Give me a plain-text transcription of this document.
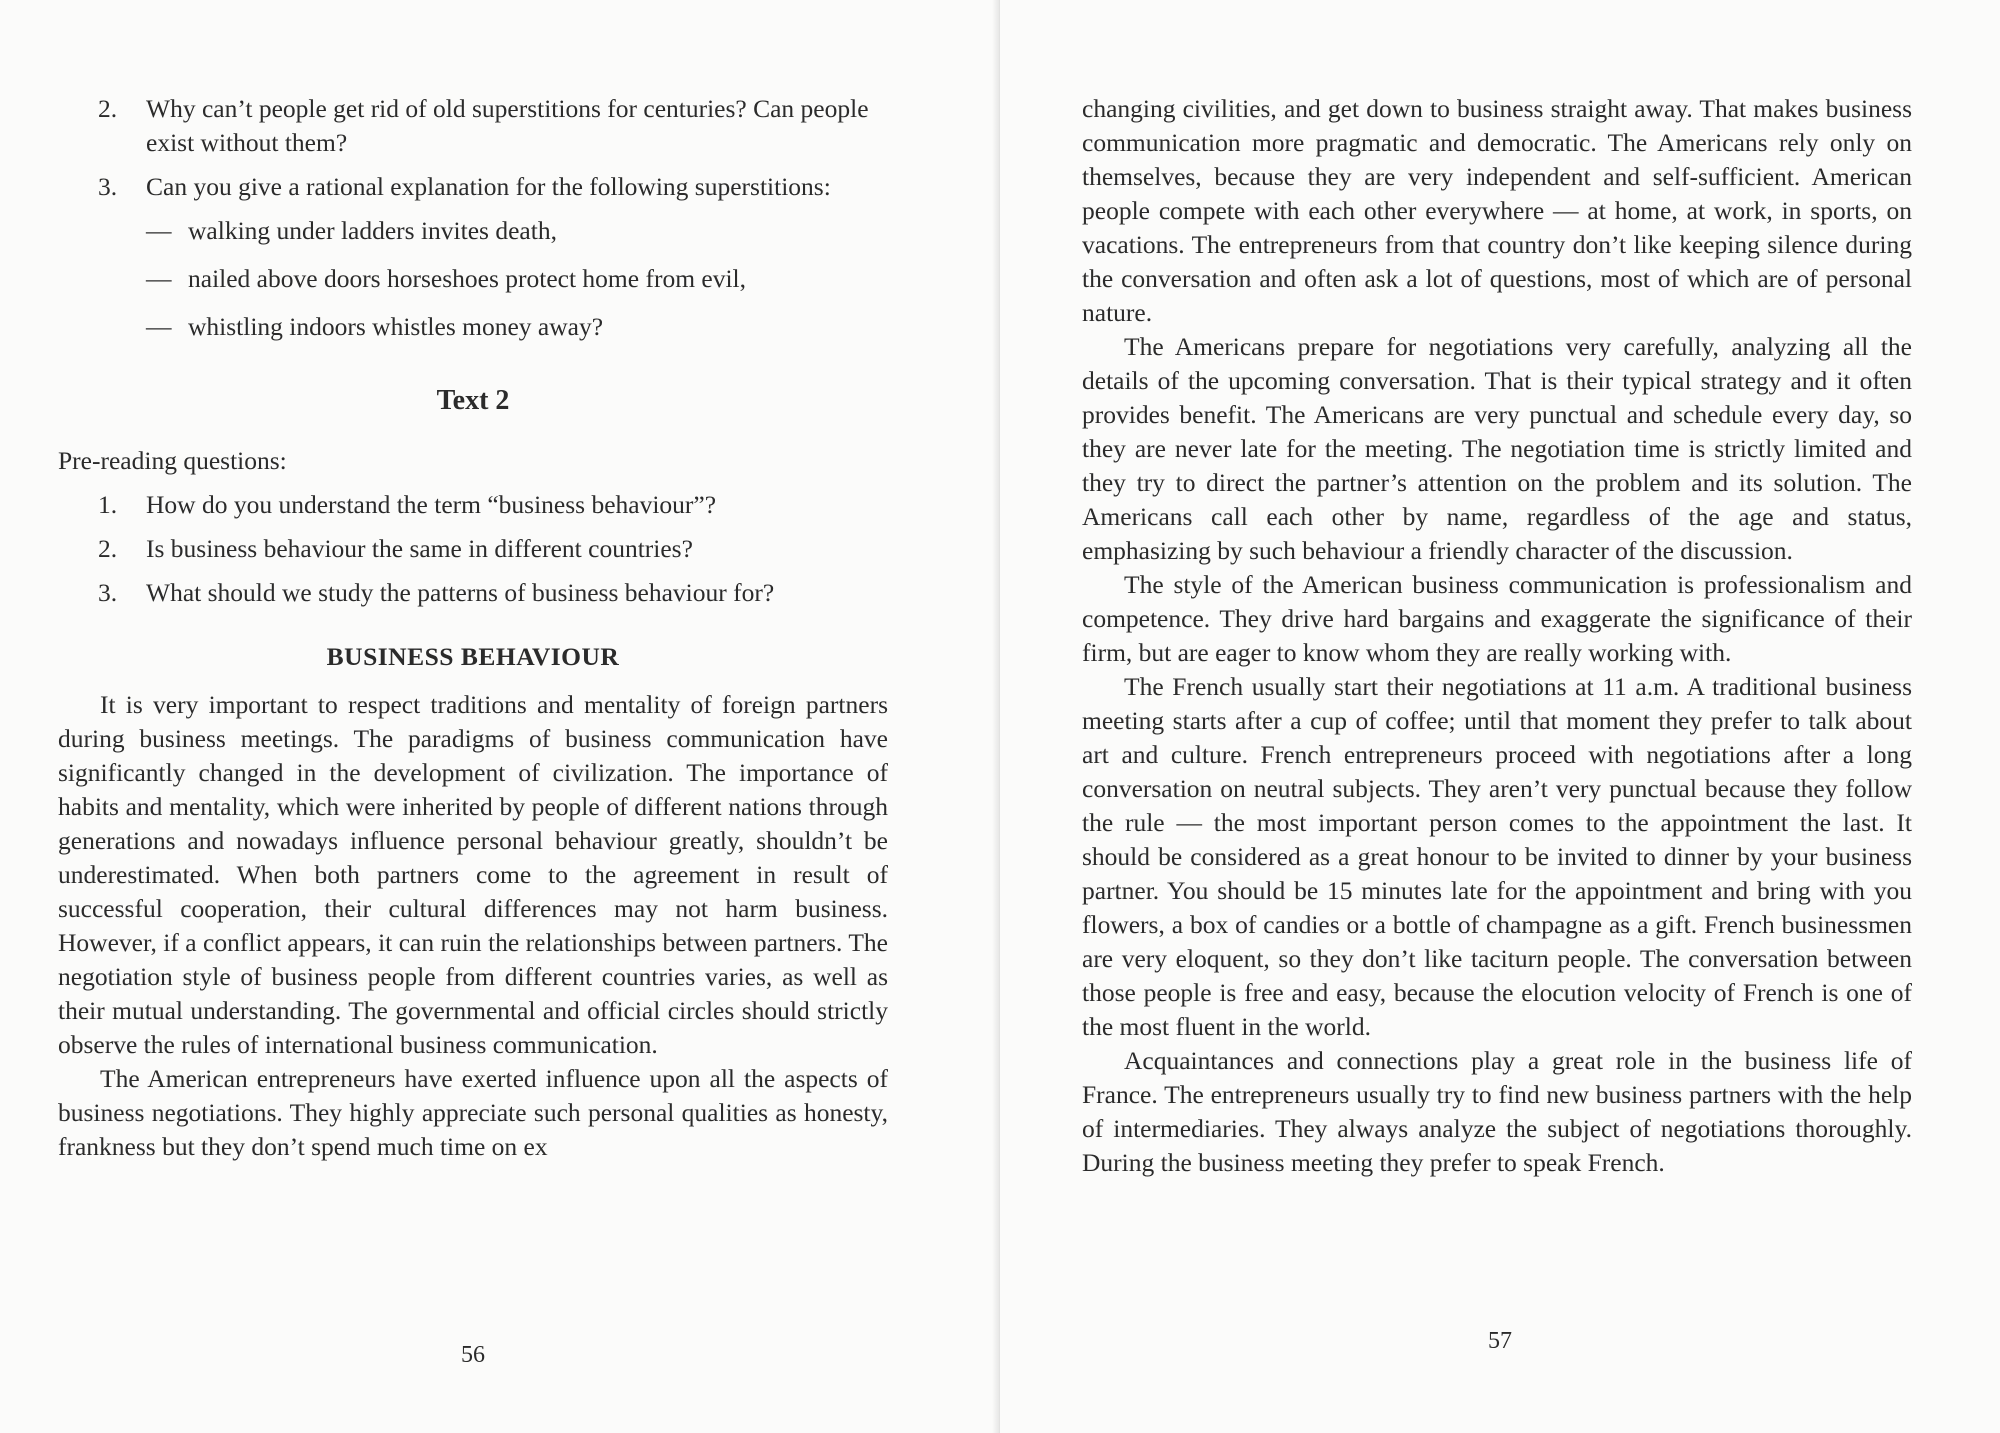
2. Why can’t people get rid of old superstitions for centuries? Can people exist without them?
3. Can you give a rational explanation for the following superstitions:
— walking under ladders invites death,
— nailed above doors horseshoes protect home from evil,
— whistling indoors whistles money away?
Text 2
Pre-reading questions:
1. How do you understand the term “business behaviour”?
2. Is business behaviour the same in different countries?
3. What should we study the patterns of business behaviour for?
BUSINESS BEHAVIOUR

It is very important to respect traditions and mentality of foreign partners during business meetings. The paradigms of business communication have significantly changed in the development of civilization. The importance of habits and mentality, which were inherited by people of different nations through generations and nowadays influence personal behaviour greatly, shouldn’t be underestimated. When both partners come to the agreement in result of successful cooperation, their cultural differences may not harm business. However, if a conflict appears, it can ruin the relationships between partners. The negotiation style of business people from different countries varies, as well as their mutual understanding. The governmental and official circles should strictly observe the rules of international business communication.

The American entrepreneurs have exerted influence upon all the aspects of business negotiations. They highly appreciate such personal qualities as honesty, frankness but they don’t spend much time on ex

56

changing civilities, and get down to business straight away. That makes business communication more pragmatic and democratic. The Americans rely only on themselves, because they are very independent and self-sufficient. American people compete with each other everywhere — at home, at work, in sports, on vacations. The entrepreneurs from that country don’t like keeping silence during the conversation and often ask a lot of questions, most of which are of personal nature.

The Americans prepare for negotiations very carefully, analyzing all the details of the upcoming conversation. That is their typical strategy and it often provides benefit. The Americans are very punctual and schedule every day, so they are never late for the meeting. The negotiation time is strictly limited and they try to direct the partner’s attention on the problem and its solution. The Americans call each other by name, regardless of the age and status, emphasizing by such behaviour a friendly character of the discussion.

The style of the American business communication is professionalism and competence. They drive hard bargains and exaggerate the significance of their firm, but are eager to know whom they are really working with.

The French usually start their negotiations at 11 a.m. A traditional business meeting starts after a cup of coffee; until that moment they prefer to talk about art and culture. French entrepreneurs proceed with negotiations after a long conversation on neutral subjects. They aren’t very punctual because they follow the rule — the most important person comes to the appointment the last. It should be considered as a great honour to be invited to dinner by your business partner. You should be 15 minutes late for the appointment and bring with you flowers, a box of candies or a bottle of champagne as a gift. French businessmen are very eloquent, so they don’t like taciturn people. The conversation between those people is free and easy, because the elocution velocity of French is one of the most fluent in the world.

Acquaintances and connections play a great role in the business life of France. The entrepreneurs usually try to find new business partners with the help of intermediaries. They always analyze the subject of negotiations thoroughly. During the business meeting they prefer to speak French.

57
